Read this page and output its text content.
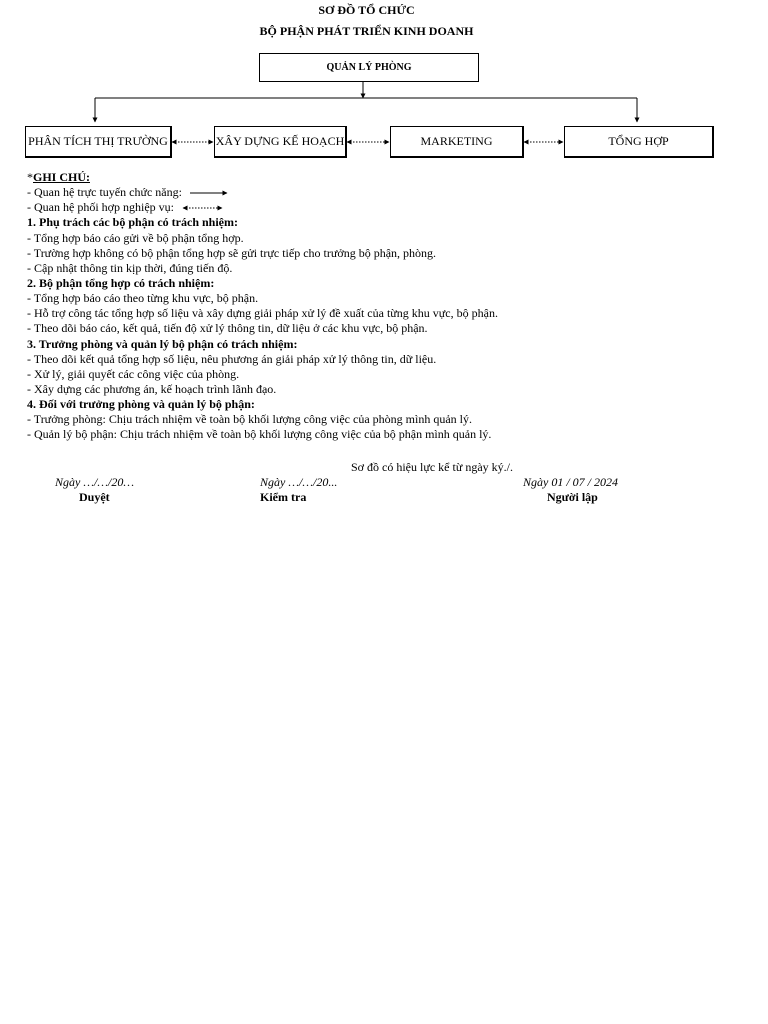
SƠ ĐỒ TỔ CHỨC
BỘ PHẬN PHÁT TRIỂN KINH DOANH
QUẢN LÝ PHÒNG
PHÂN TÍCH THỊ TRƯỜNG	XÂY DỰNG KẾ HOẠCH	MARKETING	TỔNG HỢP
*GHI CHÚ:
- Quan hệ trực tuyến chức năng:
- Quan hệ phối hợp nghiệp vụ:
1. Phụ trách các bộ phận có trách nhiệm:
- Tổng hợp báo cáo gửi về bộ phận tổng hợp.
- Trường hợp không có bộ phận tổng hợp sẽ gửi trực tiếp cho trưởng bộ phận, phòng.
- Cập nhật thông tin kịp thời, đúng tiến độ.
2. Bộ phận tổng hợp có trách nhiệm:
- Tổng hợp báo cáo theo từng khu vực, bộ phận.
- Hỗ trợ công tác tổng hợp số liệu và xây dựng giải pháp xử lý đề xuất của từng khu vực, bộ phận.
- Theo dõi báo cáo, kết quả, tiến độ xử lý thông tin, dữ liệu ở các khu vực, bộ phận.
3. Trưởng phòng và quản lý bộ phận có trách nhiệm:
- Theo dõi kết quả tổng hợp số liệu, nêu phương án giải pháp xử lý thông tin, dữ liệu.
- Xử lý, giải quyết các công việc của phòng.
- Xây dựng các phương án, kế hoạch trình lãnh đạo.
4. Đối với trưởng phòng và quản lý bộ phận:
- Trưởng phòng: Chịu trách nhiệm về toàn bộ khối lượng công việc của phòng mình quản lý.
- Quản lý bộ phận: Chịu trách nhiệm về toàn bộ khối lượng công việc của bộ phận mình quản lý.
Sơ đồ có hiệu lực kể từ ngày ký./.
Ngày …/…/20…
Duyệt
Ngày …/…/20...
Kiểm tra
Ngày 01 / 07 / 2024
Người lập
